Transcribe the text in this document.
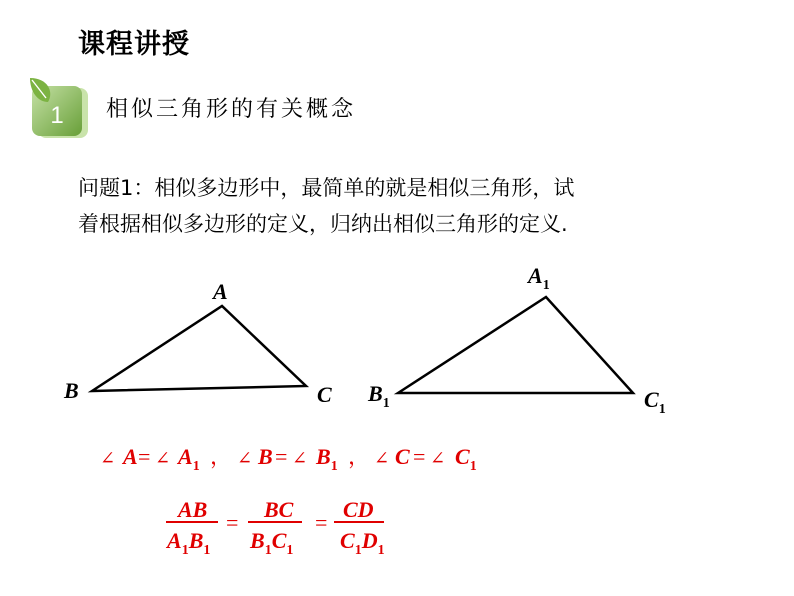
课程讲授
1 相似三角形的有关概念
问题1：相似多边形中，最简单的就是相似三角形，试
着根据相似多边形的定义，归纳出相似三角形的定义.
A
B	C
$A_1$
$B_1$	$C_1$
∠ A = ∠ $A_1$ ， ∠ B = ∠ $B_1$ ， ∠ C = ∠ $C_1$
AB
$A_1B_1$
=
BC
$B_1C_1$
=
CD
$C_1D_1$
